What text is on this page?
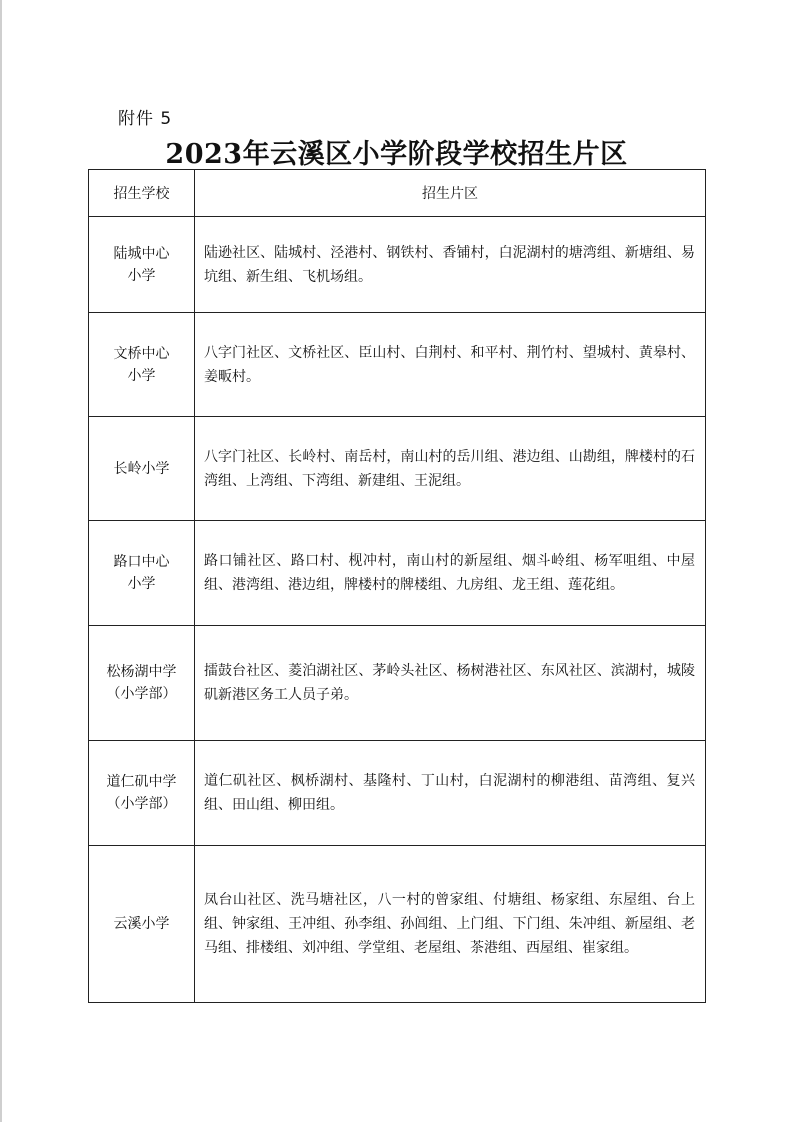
附件 5
2023年云溪区小学阶段学校招生片区
招生学校	招生片区

陆城中心
小学	陆逊社区、陆城村、泾港村、钢铁村、香铺村，白泥湖村的塘湾组、新塘组、易坑组、新生组、飞机场组。

文桥中心
小学	八字门社区、文桥社区、臣山村、白荆村、和平村、荆竹村、望城村、黄皋村、姜畈村。

长岭小学	八字门社区、长岭村、南岳村，南山村的岳川组、港边组、山勘组，牌楼村的石湾组、上湾组、下湾组、新建组、王泥组。

路口中心
小学	路口铺社区、路口村、枧冲村，南山村的新屋组、烟斗岭组、杨军咀组、中屋组、港湾组、港边组，牌楼村的牌楼组、九房组、龙王组、莲花组。

松杨湖中学
（小学部）	擂鼓台社区、菱泊湖社区、茅岭头社区、杨树港社区、东风社区、滨湖村，城陵矶新港区务工人员子弟。

道仁矶中学
（小学部）	道仁矶社区、枫桥湖村、基隆村、丁山村，白泥湖村的柳港组、苗湾组、复兴组、田山组、柳田组。

云溪小学	凤台山社区、洗马塘社区，八一村的曾家组、付塘组、杨家组、东屋组、台上组、钟家组、王冲组、孙李组、孙闾组、上门组、下门组、朱冲组、新屋组、老马组、排楼组、刘冲组、学堂组、老屋组、茶港组、西屋组、崔家组。
